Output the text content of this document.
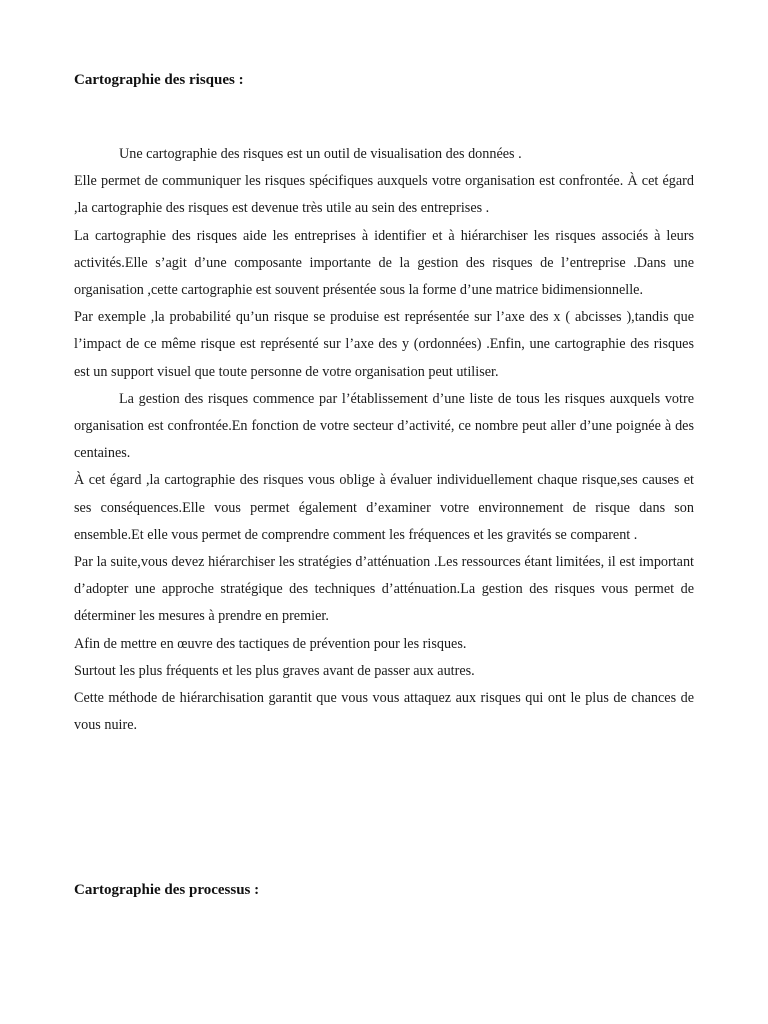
Cartographie des risques :

Une cartographie des risques est un outil de visualisation des données .

Elle permet de communiquer les risques spécifiques auxquels votre organisation est confrontée. À cet égard ,la cartographie des risques est devenue très utile au sein des entreprises .

La cartographie des risques aide les entreprises à identifier et à hiérarchiser les risques associés à leurs activités.Elle s’agit d’une composante importante de la gestion des risques de l’entreprise .Dans une organisation ,cette cartographie est souvent présentée sous la forme d’une matrice bidimensionnelle.

Par exemple ,la probabilité qu’un risque se produise est représentée sur l’axe des x ( abcisses ),tandis que l’impact de ce même risque est représenté sur l’axe des y (ordonnées) .Enfin, une cartographie des risques est un support visuel que toute personne de votre organisation peut utiliser.

La gestion des risques commence par l’établissement d’une liste de tous les risques auxquels votre organisation est confrontée.En fonction de votre secteur d’activité, ce nombre peut aller d’une poignée à des centaines.

À cet égard ,la cartographie des risques vous oblige à évaluer individuellement chaque risque,ses causes et ses conséquences.Elle vous permet également d’examiner votre environnement de risque dans son ensemble.Et elle vous permet de comprendre comment les fréquences et les gravités se comparent .

Par la suite,vous devez hiérarchiser les stratégies d’atténuation .Les ressources étant limitées, il est important d’adopter une approche stratégique des techniques d’atténuation.La gestion des risques vous permet de déterminer les mesures à prendre en premier.

Afin de mettre en œuvre des tactiques de prévention pour les risques.

Surtout les plus fréquents et les plus graves avant de passer aux autres.

Cette méthode de hiérarchisation garantit que vous vous attaquez aux risques qui ont le plus de chances de vous nuire.

Cartographie des processus :
